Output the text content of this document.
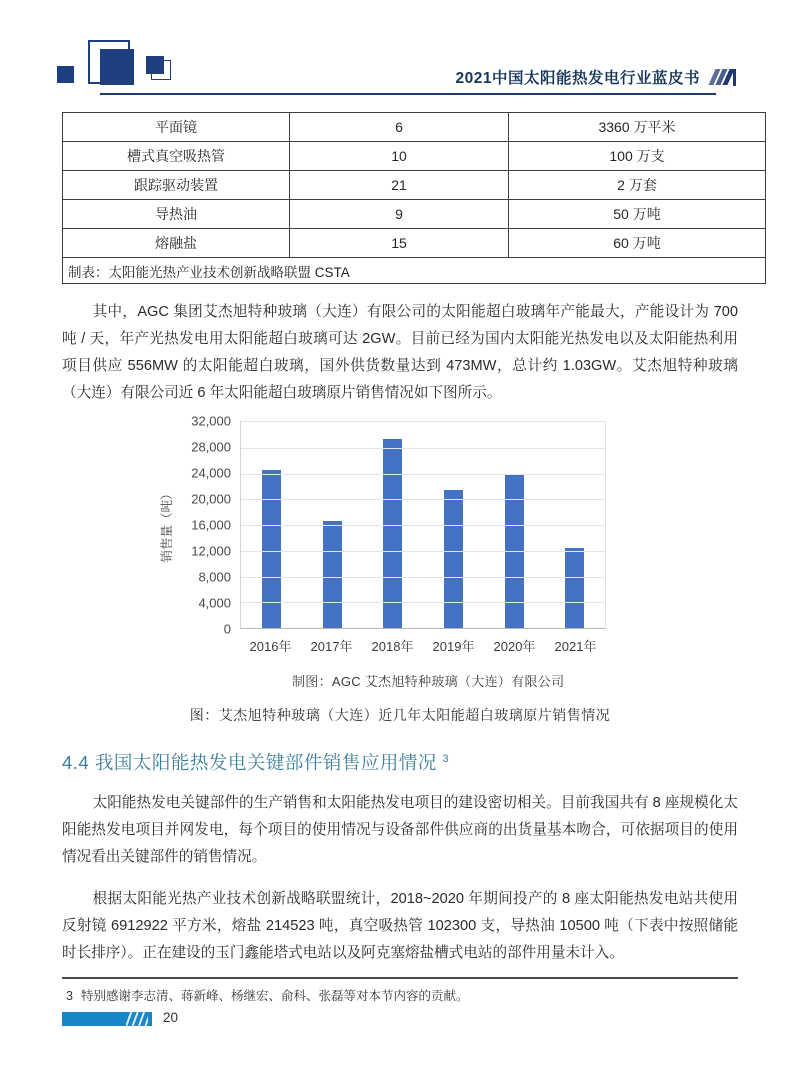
2021中国太阳能热发电行业蓝皮书
平面镜	6	3360 万平米
槽式真空吸热管	10	100 万支
跟踪驱动装置	21	2 万套
导热油	9	50 万吨
熔融盐	15	60 万吨
制表：太阳能光热产业技术创新战略联盟 CSTA		

其中，AGC 集团艾杰旭特种玻璃（大连）有限公司的太阳能超白玻璃年产能最大，产能设计为 700 吨 / 天，年产光热发电用太阳能超白玻璃可达 2GW。目前已经为国内太阳能光热发电以及太阳能热利用项目供应 556MW 的太阳能超白玻璃，国外供货数量达到 473MW，总计约 1.03GW。艾杰旭特种玻璃（大连）有限公司近 6 年太阳能超白玻璃原片销售情况如下图所示。

销售量（吨）
32,000
28,000
24,000
20,000
16,000
12,000
8,000
4,000
0
2016年	2017年	2018年	2019年	2020年	2021年
制图：AGC 艾杰旭特种玻璃（大连）有限公司
图：艾杰旭特种玻璃（大连）近几年太阳能超白玻璃原片销售情况
4.4 我国太阳能热发电关键部件销售应用情况 $^3$

太阳能热发电关键部件的生产销售和太阳能热发电项目的建设密切相关。目前我国共有 8 座规模化太阳能热发电项目并网发电，每个项目的使用情况与设备部件供应商的出货量基本吻合，可依据项目的使用情况看出关键部件的销售情况。

根据太阳能光热产业技术创新战略联盟统计，2018~2020 年期间投产的 8 座太阳能热发电站共使用反射镜 6912922 平方米，熔盐 214523 吨，真空吸热管 102300 支，导热油 10500 吨（下表中按照储能时长排序）。正在建设的玉门鑫能塔式电站以及阿克塞熔盐槽式电站的部件用量未计入。

3 特别感谢李志清、蒋新峰、杨继宏、俞科、张磊等对本节内容的贡献。
20
